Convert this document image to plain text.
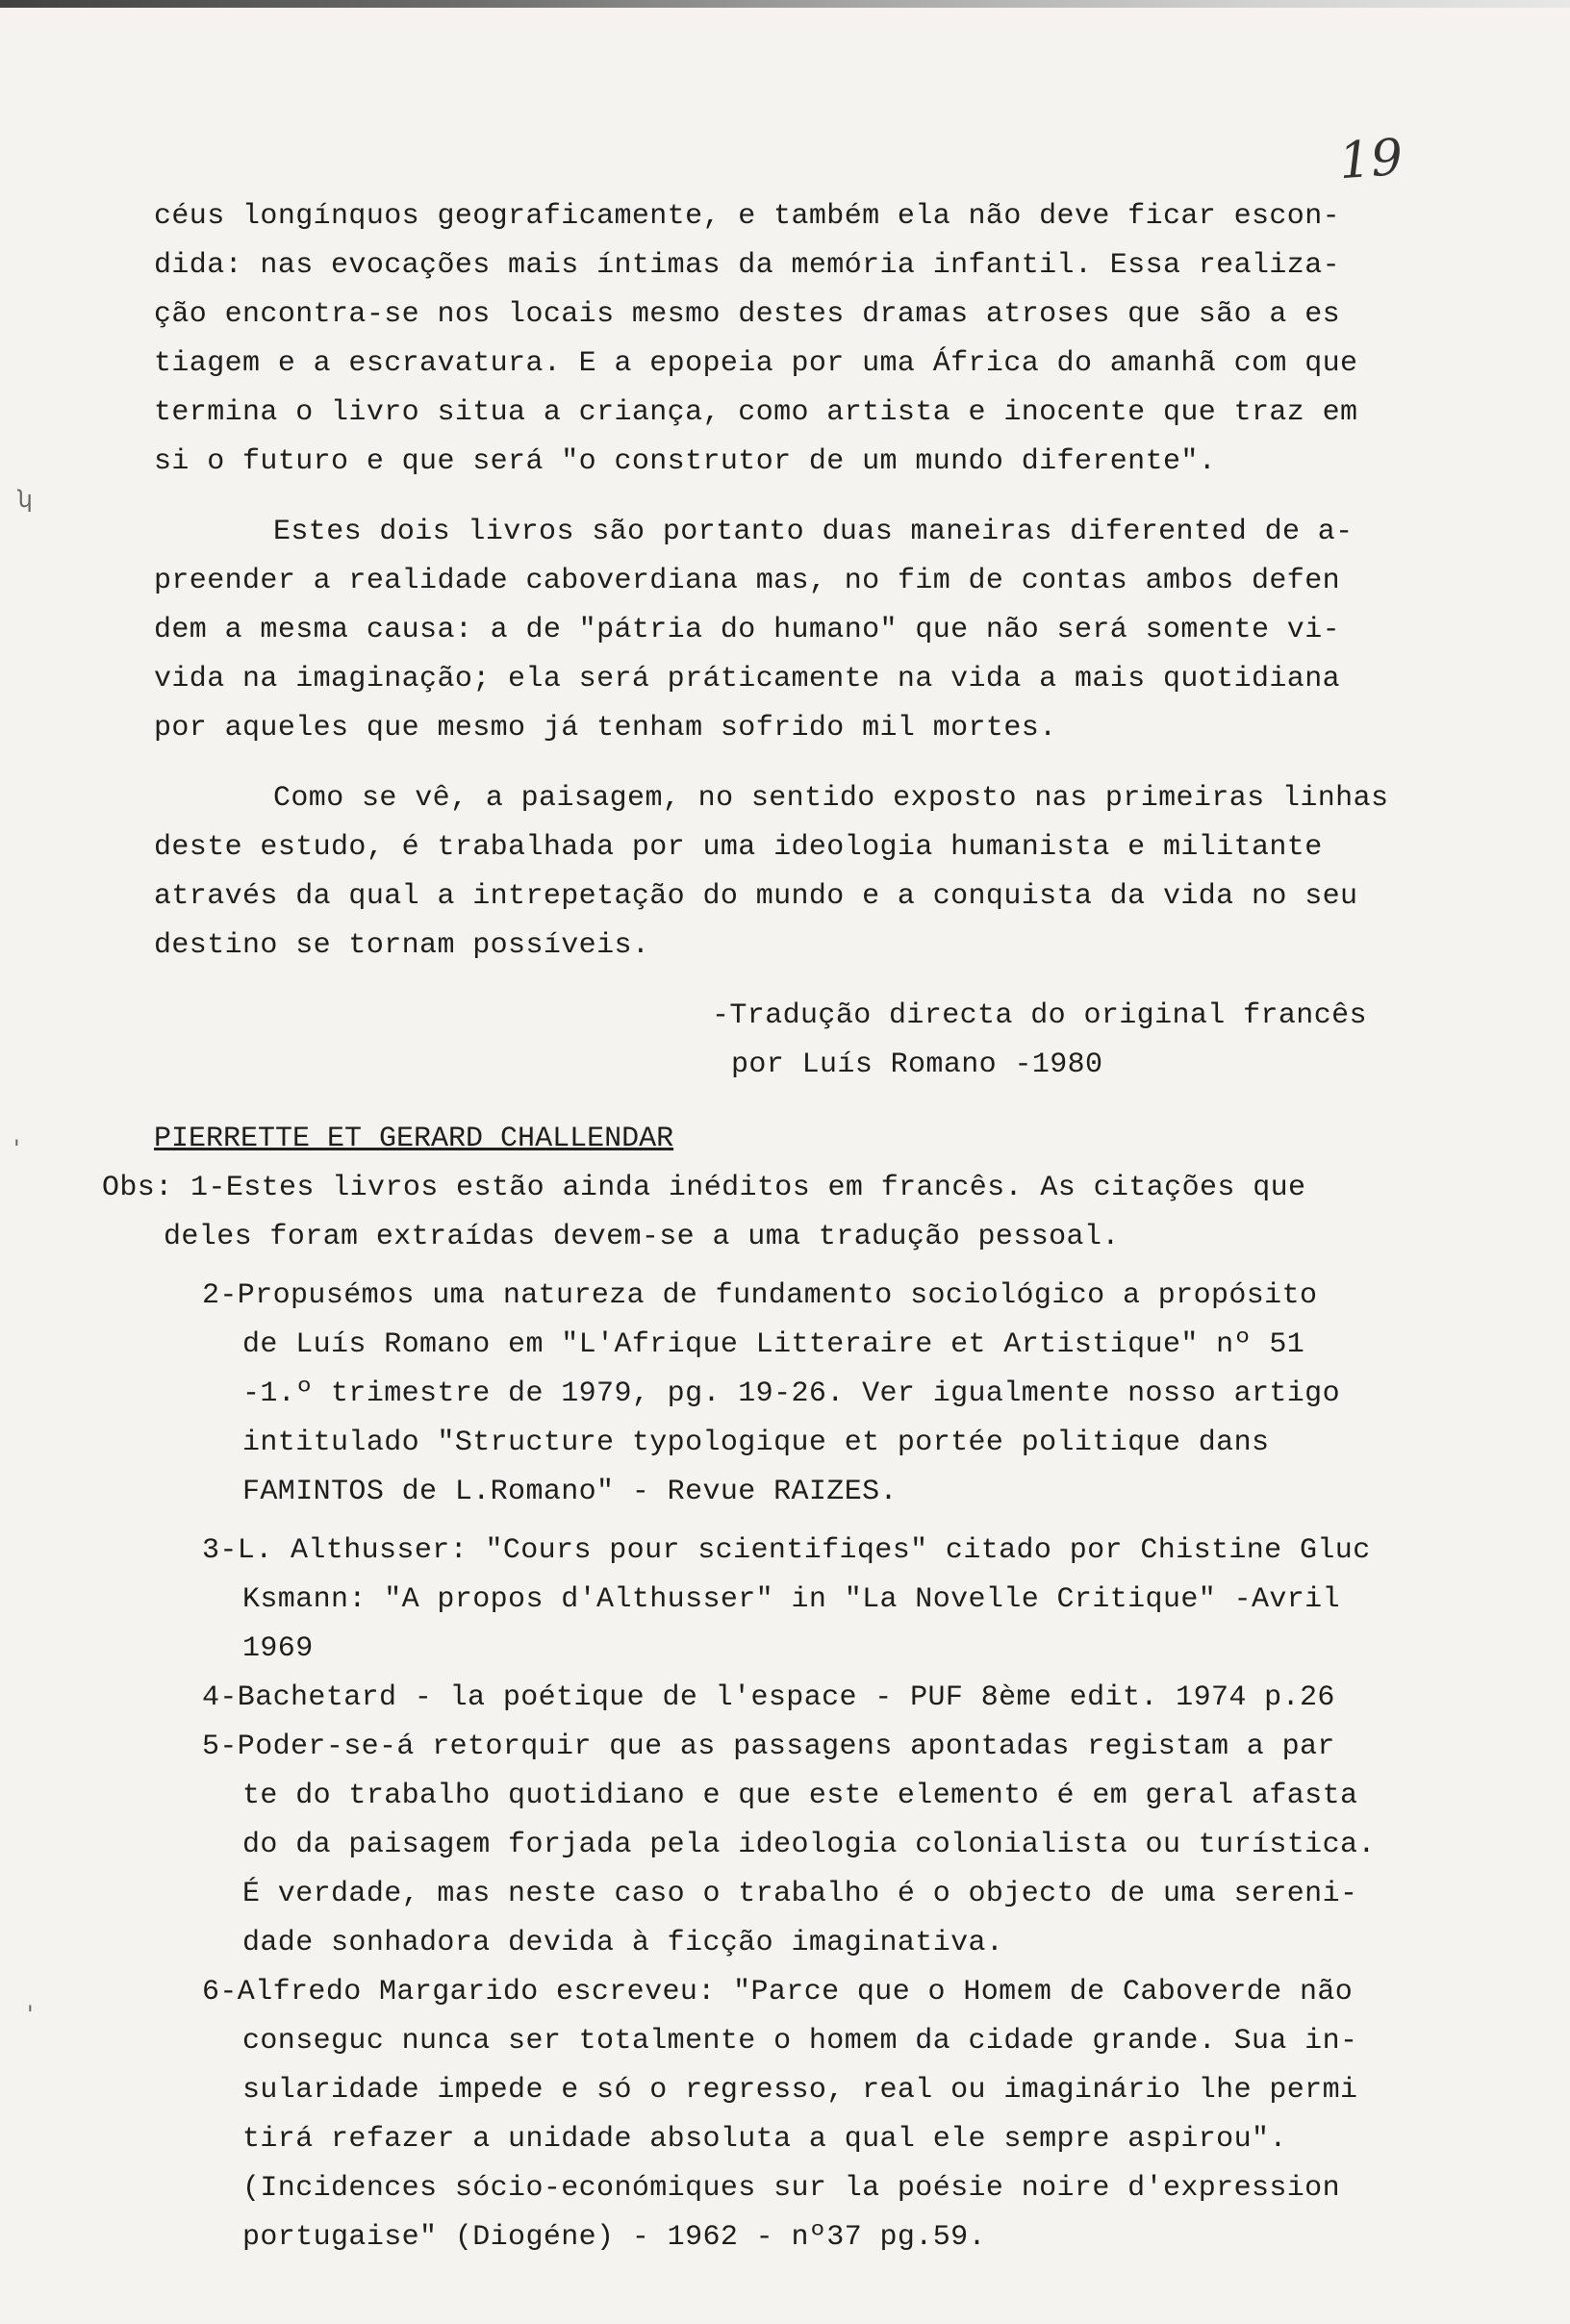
19
ʮ
'
'
céus longínquos geograficamente, e também ela não deve ficar escon-
dida: nas evocações mais íntimas da memória infantil. Essa realiza-
ção encontra-se nos locais mesmo destes dramas atroses que são a es
tiagem e a escravatura. E a epopeia por uma África do amanhã com que
termina o livro situa a criança, como artista e inocente que traz em
si o futuro e que será "o construtor de um mundo diferente".
Estes dois livros são portanto duas maneiras diferented de a-
preender a realidade caboverdiana mas, no fim de contas ambos defen
dem a mesma causa: a de "pátria do humano" que não será somente vi-
vida na imaginação; ela será práticamente na vida a mais quotidiana
por aqueles que mesmo já tenham sofrido mil mortes.
Como se vê, a paisagem, no sentido exposto nas primeiras linhas
deste estudo, é trabalhada por uma ideologia humanista e militante
através da qual a intrepetação do mundo e a conquista da vida no seu
destino se tornam possíveis.
-Tradução directa do original francês
por Luís Romano -1980
PIERRETTE ET GERARD CHALLENDAR
Obs: 1-Estes livros estão ainda inéditos em francês. As citações que
deles foram extraídas devem-se a uma tradução pessoal.
2-Propusémos uma natureza de fundamento sociológico a propósito
de Luís Romano em "L'Afrique Litteraire et Artistique" nº 51
-1.º trimestre de 1979, pg. 19-26. Ver igualmente nosso artigo
intitulado "Structure typologique et portée politique dans
FAMINTOS de L.Romano" - Revue RAIZES.
3-L. Althusser: "Cours pour scientifiqes" citado por Chistine Gluc
Ksmann: "A propos d'Althusser" in "La Novelle Critique" -Avril
1969
4-Bachetard - la poétique de l'espace - PUF 8ème edit. 1974 p.26
5-Poder-se-á retorquir que as passagens apontadas registam a par
te do trabalho quotidiano e que este elemento é em geral afasta
do da paisagem forjada pela ideologia colonialista ou turística.
É verdade, mas neste caso o trabalho é o objecto de uma sereni-
dade sonhadora devida à ficção imaginativa.
6-Alfredo Margarido escreveu: "Parce que o Homem de Caboverde não
conseguc nunca ser totalmente o homem da cidade grande. Sua in-
sularidade impede e só o regresso, real ou imaginário lhe permi
tirá refazer a unidade absoluta a qual ele sempre aspirou".
(Incidences sócio-económiques sur la poésie noire d'expression
portugaise" (Diogéne) - 1962 - nº37 pg.59.
